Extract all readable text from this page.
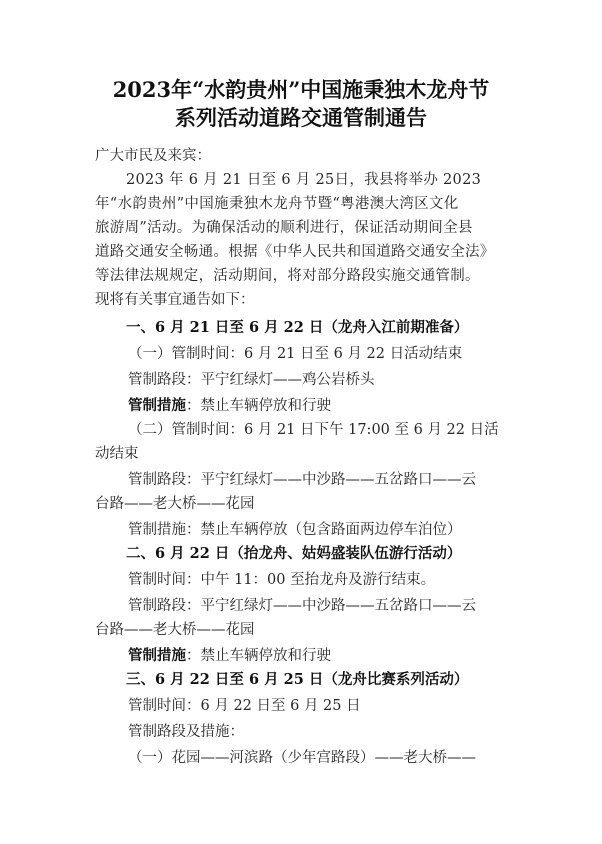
2023年“水韵贵州”中国施秉独木龙舟节
系列活动道路交通管制通告
广大市民及来宾：
2023 年 6 月 21 日至 6 月 25日，我县将举办 2023
年“水韵贵州”中国施秉独木龙舟节暨“粤港澳大湾区文化
旅游周”活动。为确保活动的顺利进行，保证活动期间全县
道路交通安全畅通。根据《中华人民共和国道路交通安全法》
等法律法规规定，活动期间，将对部分路段实施交通管制。
现将有关事宜通告如下：
一、6 月 21 日至 6 月 22 日（龙舟入江前期准备）
（一）管制时间：6 月 21 日至 6 月 22 日活动结束
管制路段：平宁红绿灯——鸡公岩桥头
管制措施：禁止车辆停放和行驶
（二）管制时间：6 月 21 日下午 17:00 至 6 月 22 日活
动结束
管制路段：平宁红绿灯——中沙路——五岔路口——云
台路——老大桥——花园
管制措施：禁止车辆停放（包含路面两边停车泊位）
二、6 月 22 日（抬龙舟、姑妈盛装队伍游行活动）
管制时间：中午 11：00 至抬龙舟及游行结束。
管制路段：平宁红绿灯——中沙路——五岔路口——云
台路——老大桥——花园
管制措施：禁止车辆停放和行驶
三、6 月 22 日至 6 月 25 日（龙舟比赛系列活动）
管制时间：6 月 22 日至 6 月 25 日
管制路段及措施：
（一）花园——河滨路（少年宫路段）——老大桥——
